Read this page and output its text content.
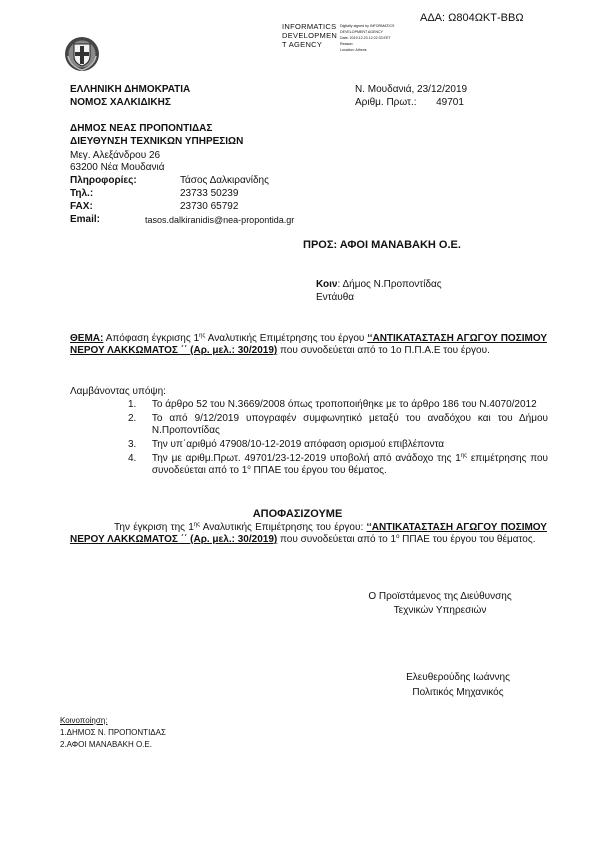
ΑΔΑ: Ω804ΩΚΤ-ΒΒΩ
INFORMATICS
DEVELOPMEN
T AGENCY
Digitally signed by INFORMATICS DEVELOPMENT AGENCY
Date: 2019.12.23 12:22:33 EET
Reason:
Location: Athens
ΕΛΛΗΝΙΚΗ ΔΗΜΟΚΡΑΤΙΑ
ΝΟΜΟΣ ΧΑΛΚΙΔΙΚΗΣ
Ν. Μουδανιά, 23/12/2019
Αριθμ. Πρωτ.: 49701
ΔΗΜΟΣ ΝΕΑΣ ΠΡΟΠΟΝΤΙΔΑΣ
ΔΙΕΥΘΥΝΣΗ ΤΕΧΝΙΚΩΝ ΥΠΗΡΕΣΙΩΝ
Μεγ. Αλεξάνδρου 26
63200 Νέα Μουδανιά
Πληροφορίες:	Τάσος Δαλκιρανίδης
Τηλ.:	23733 50239
FAX:	23730 65792
Email:	tasos.dalkiranidis@nea-propontida.gr
ΠΡΟΣ: ΑΦΟΙ ΜΑΝΑΒΑΚΗ Ο.Ε.
Κοιν: Δήμος Ν.Προποντίδας
Εντάυθα
ΘΕΜΑ: Απόφαση έγκρισης $1^{\eta\varsigma}$ Αναλυτικής Επιμέτρησης του έργου ‘‘ΑΝΤΙΚΑΤΑΣΤΑΣΗ ΑΓΩΓΟΥ ΠΟΣΙΜΟΥ ΝΕΡΟΥ ΛΑΚΚΩΜΑΤΟΣ ΄΄ (Αρ. μελ.: 30/2019) που συνοδεύεται από το 1ο Π.Π.Α.Ε του έργου.
Λαμβάνοντας υπόψη:
1.	Το άρθρο 52 του Ν.3669/2008 όπως τροποποιήθηκε με το άρθρο 186 του Ν.4070/2012
2.	Το από 9/12/2019 υπογραφέν συμφωνητικό μεταξύ του αναδόχου και του Δήμου Ν.Προποντίδας
3.	Την υπ΄αριθμό 47908/10-12-2019 απόφαση ορισμού επιβλέποντα
4.	Την με αριθμ.Πρωτ. 49701/23-12-2019 υποβολή από ανάδοχο της $1^{\eta\varsigma}$ επιμέτρησης που συνοδεύεται από το $1^o$ ΠΠΑΕ του έργου του θέματος.
ΑΠΟΦΑΣΙΖΟΥΜΕ
Την έγκριση της $1^{\eta\varsigma}$ Αναλυτικής Επιμέτρησης του έργου: ‘‘ΑΝΤΙΚΑΤΑΣΤΑΣΗ ΑΓΩΓΟΥ ΠΟΣΙΜΟΥ ΝΕΡΟΥ ΛΑΚΚΩΜΑΤΟΣ ΄΄ (Αρ. μελ.: 30/2019) που συνοδεύεται από το $1^o$ ΠΠΑΕ του έργου του θέματος.
Ο Προϊστάμενος της Διεύθυνσης
Τεχνικών Υπηρεσιών
Ελευθερούδης Ιωάννης
Πολιτικός Μηχανικός
Κοινοποίηση:
1.ΔΗΜΟΣ Ν. ΠΡΟΠΟΝΤΙΔΑΣ
2.ΑΦΟΙ ΜΑΝΑΒΑΚΗ Ο.Ε.
